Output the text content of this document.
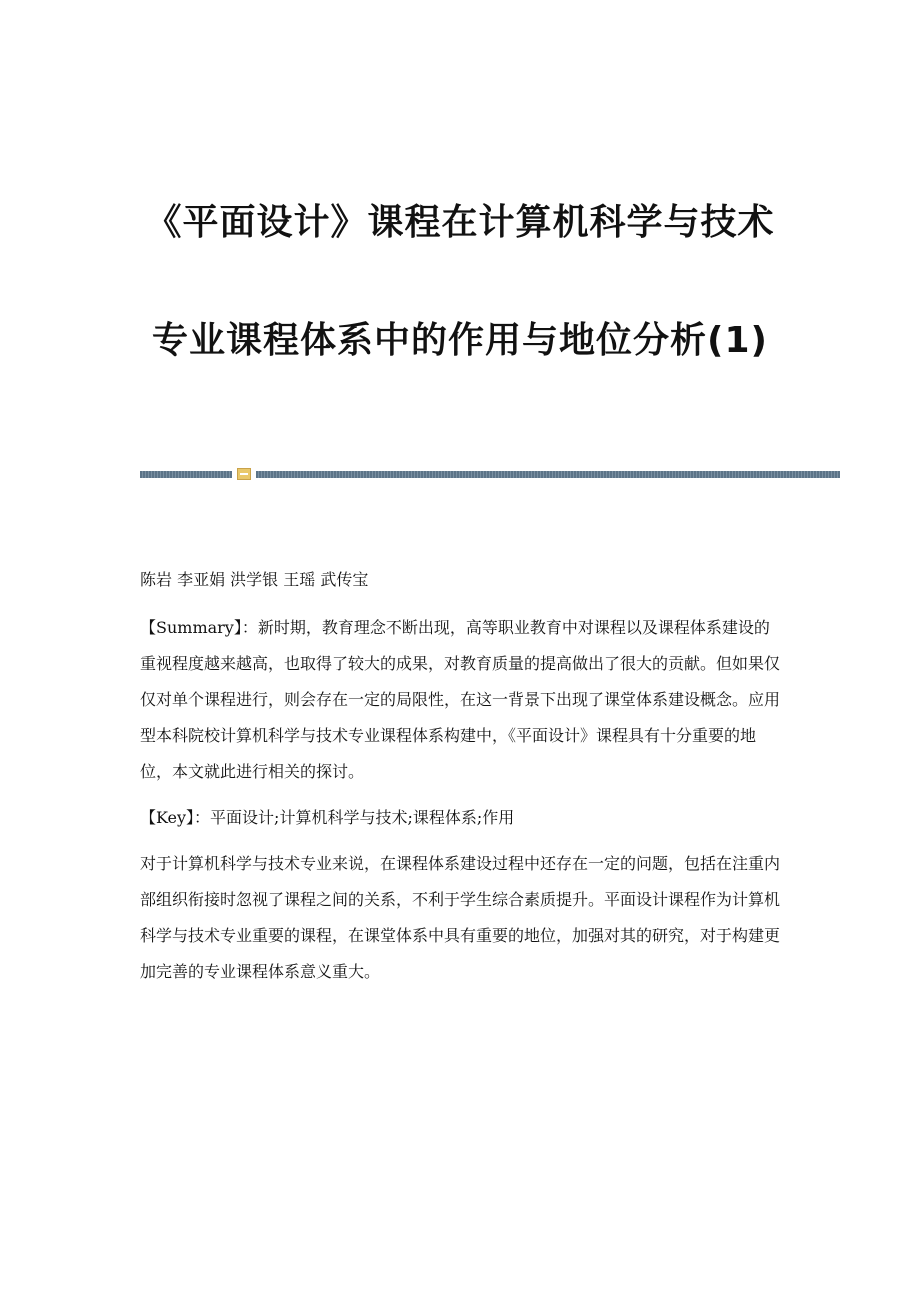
《平面设计》课程在计算机科学与技术
专业课程体系中的作用与地位分析(1)

陈岩 李亚娟 洪学银 王瑶 武传宝

【Summary】：新时期，教育理念不断出现，高等职业教育中对课程以及课程体系建设的重视程度越来越高，也取得了较大的成果，对教育质量的提高做出了很大的贡献。但如果仅仅对单个课程进行，则会存在一定的局限性，在这一背景下出现了课堂体系建设概念。应用型本科院校计算机科学与技术专业课程体系构建中，《平面设计》课程具有十分重要的地位，本文就此进行相关的探讨。

【Key】：平面设计;计算机科学与技术;课程体系;作用

对于计算机科学与技术专业来说，在课程体系建设过程中还存在一定的问题，包括在注重内部组织衔接时忽视了课程之间的关系，不利于学生综合素质提升。平面设计课程作为计算机科学与技术专业重要的课程，在课堂体系中具有重要的地位，加强对其的研究，对于构建更加完善的专业课程体系意义重大。
